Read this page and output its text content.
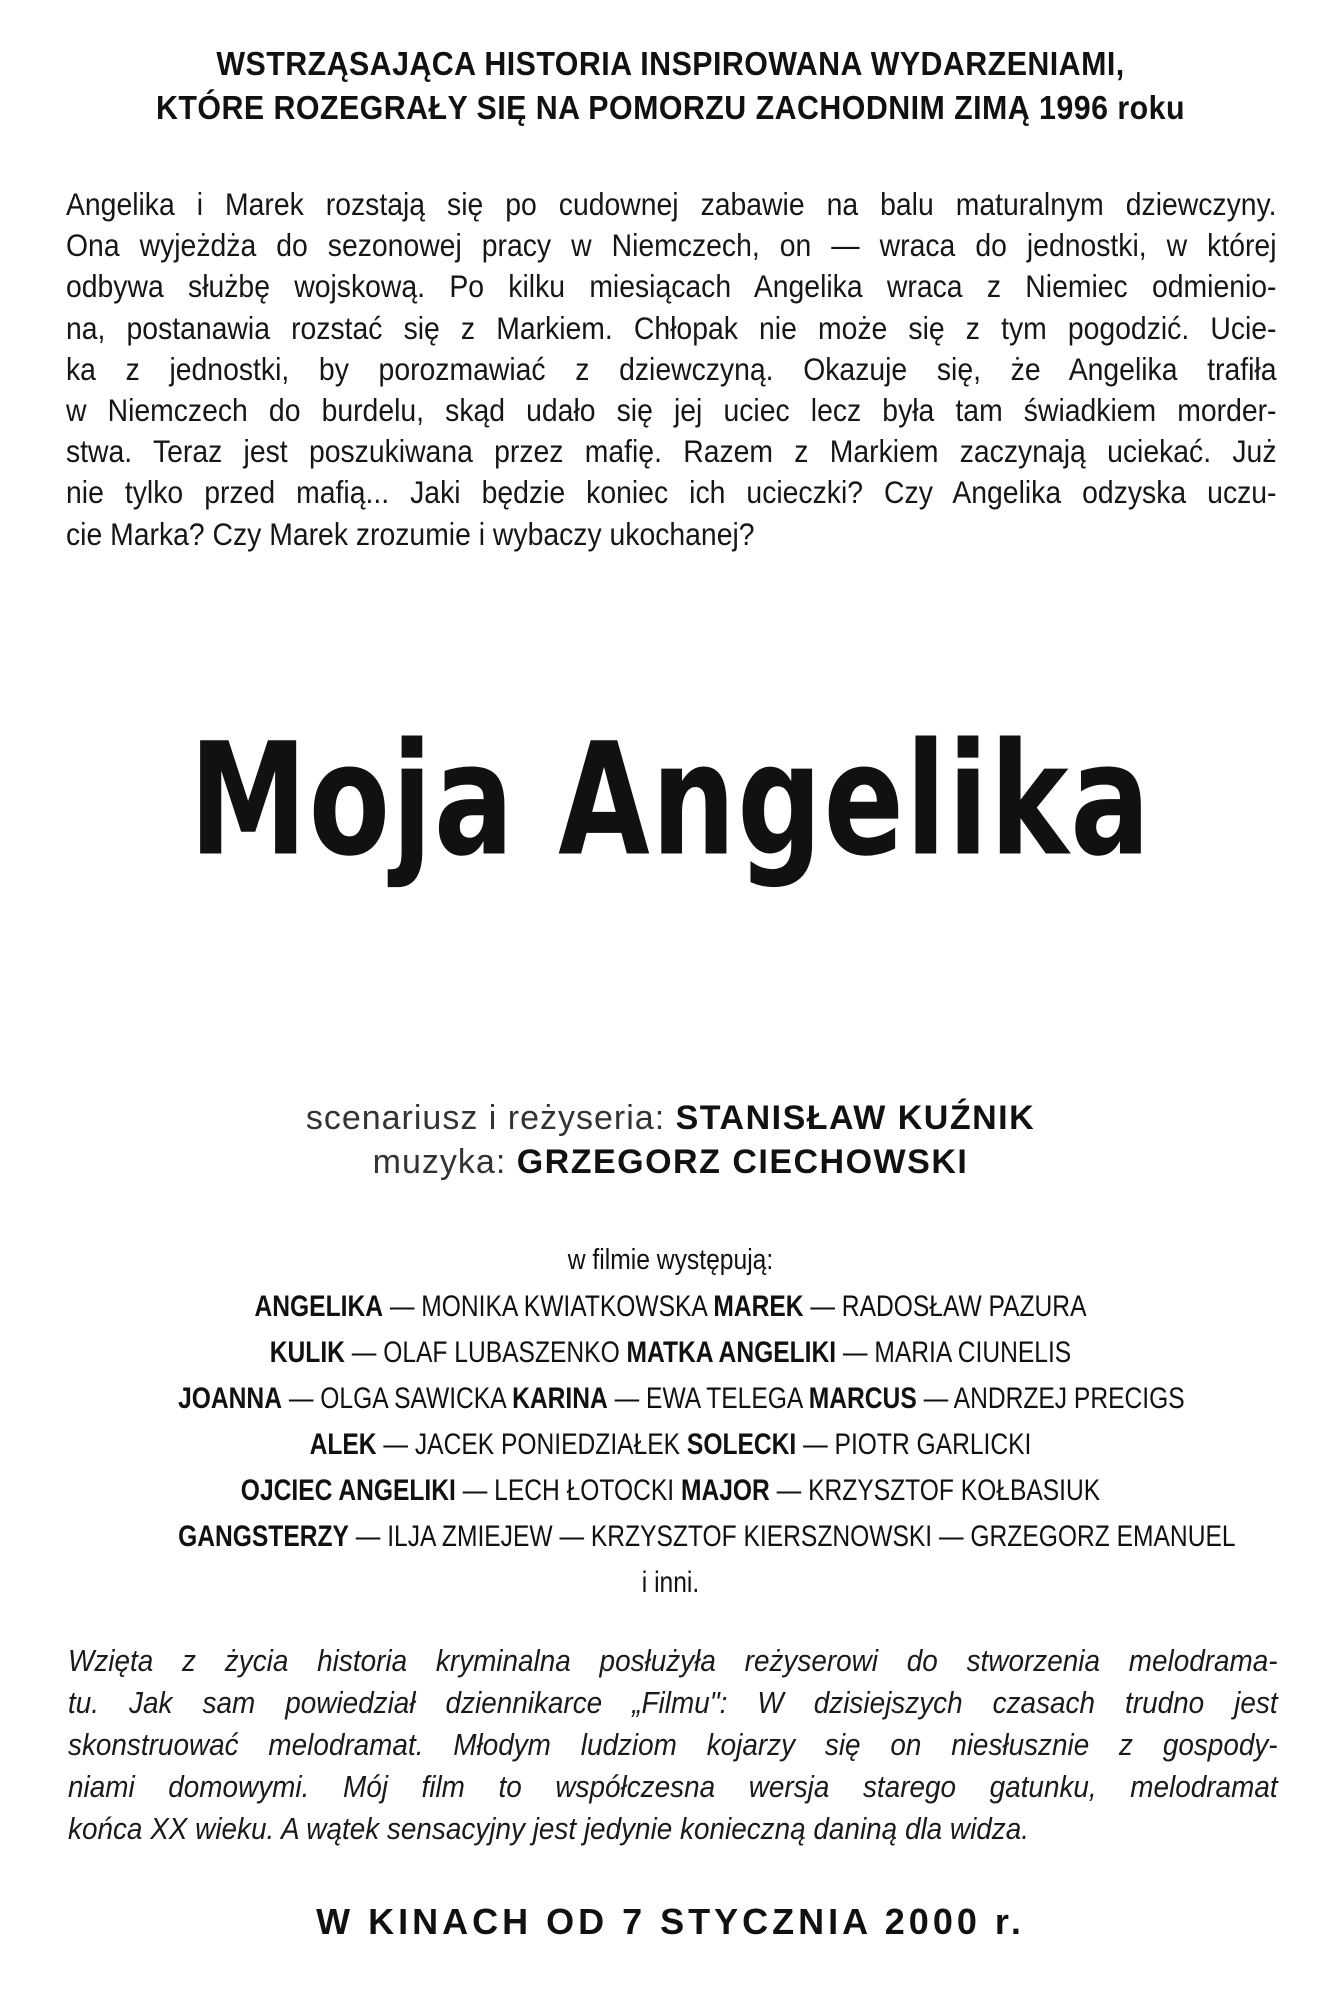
WSTRZĄSAJĄCA HISTORIA INSPIROWANA WYDARZENIAMI,
KTÓRE ROZEGRAŁY SIĘ NA POMORZU ZACHODNIM ZIMĄ 1996 roku
Angelika i Marek rozstają się po cudownej zabawie na balu maturalnym dziewczyny.
Ona wyjeżdża do sezonowej pracy w Niemczech, on — wraca do jednostki, w której
odbywa służbę wojskową. Po kilku miesiącach Angelika wraca z Niemiec odmienio-
na, postanawia rozstać się z Markiem. Chłopak nie może się z tym pogodzić. Ucie-
ka z jednostki, by porozmawiać z dziewczyną. Okazuje się, że Angelika trafiła
w Niemczech do burdelu, skąd udało się jej uciec lecz była tam świadkiem morder-
stwa. Teraz jest poszukiwana przez mafię. Razem z Markiem zaczynają uciekać. Już
nie tylko przed mafią... Jaki będzie koniec ich ucieczki? Czy Angelika odzyska uczu-
cie Marka? Czy Marek zrozumie i wybaczy ukochanej?
Moja Angelika
scenariusz i reżyseria: STANISŁAW KUŹNIK
muzyka: GRZEGORZ CIECHOWSKI
w filmie występują:
ANGELIKA — MONIKA KWIATKOWSKA MAREK — RADOSŁAW PAZURA
KULIK — OLAF LUBASZENKO MATKA ANGELIKI — MARIA CIUNELIS
JOANNA — OLGA SAWICKA KARINA — EWA TELEGA MARCUS — ANDRZEJ PRECIGS
ALEK — JACEK PONIEDZIAŁEK SOLECKI — PIOTR GARLICKI
OJCIEC ANGELIKI — LECH ŁOTOCKI MAJOR — KRZYSZTOF KOŁBASIUK
GANGSTERZY — ILJA ZMIEJEW — KRZYSZTOF KIERSZNOWSKI — GRZEGORZ EMANUEL
i inni.
Wzięta z życia historia kryminalna posłużyła reżyserowi do stworzenia melodrama-
tu. Jak sam powiedział dziennikarce „Filmu": W dzisiejszych czasach trudno jest
skonstruować melodramat. Młodym ludziom kojarzy się on niesłusznie z gospody-
niami domowymi. Mój film to współczesna wersja starego gatunku, melodramat
końca XX wieku. A wątek sensacyjny jest jedynie konieczną daniną dla widza.
W KINACH OD 7 STYCZNIA 2000 r.
